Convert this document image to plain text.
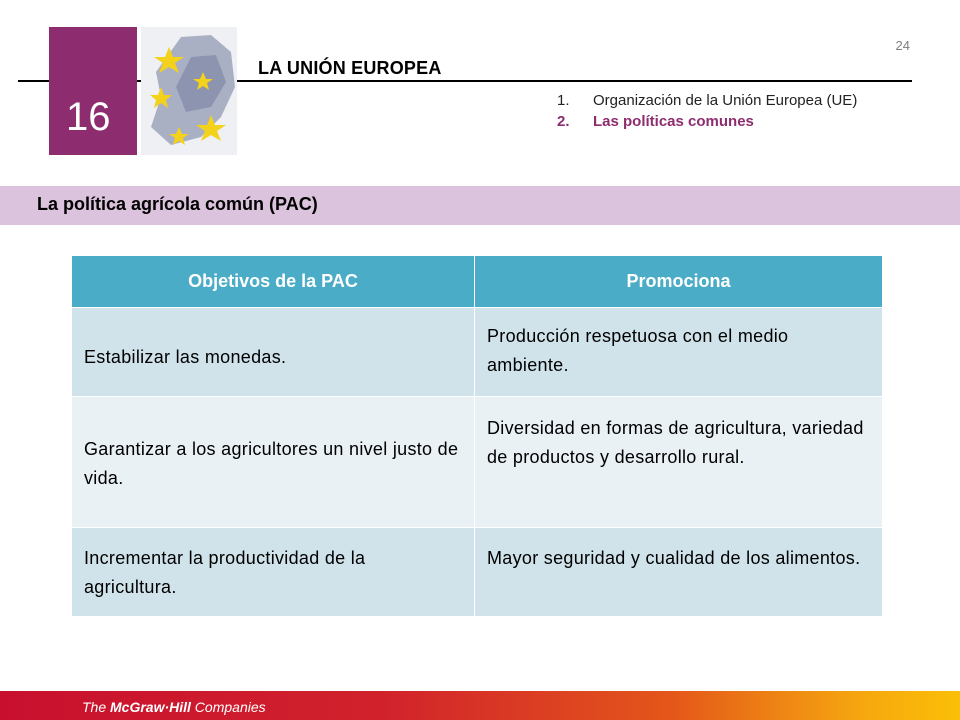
24
16
LA UNIÓN EUROPEA
1.	Organización de la Unión Europea (UE)
2.	Las políticas comunes
La política agrícola común (PAC)
Objetivos de la PAC	Promociona
Estabilizar las monedas.	Producción respetuosa con el medio ambiente.
Garantizar a los agricultores un nivel justo de vida.	Diversidad en formas de agricultura, variedad de productos y desarrollo rural.
Incrementar la productividad de la agricultura.	Mayor seguridad y cualidad de los alimentos.
The McGraw·Hill Companies
